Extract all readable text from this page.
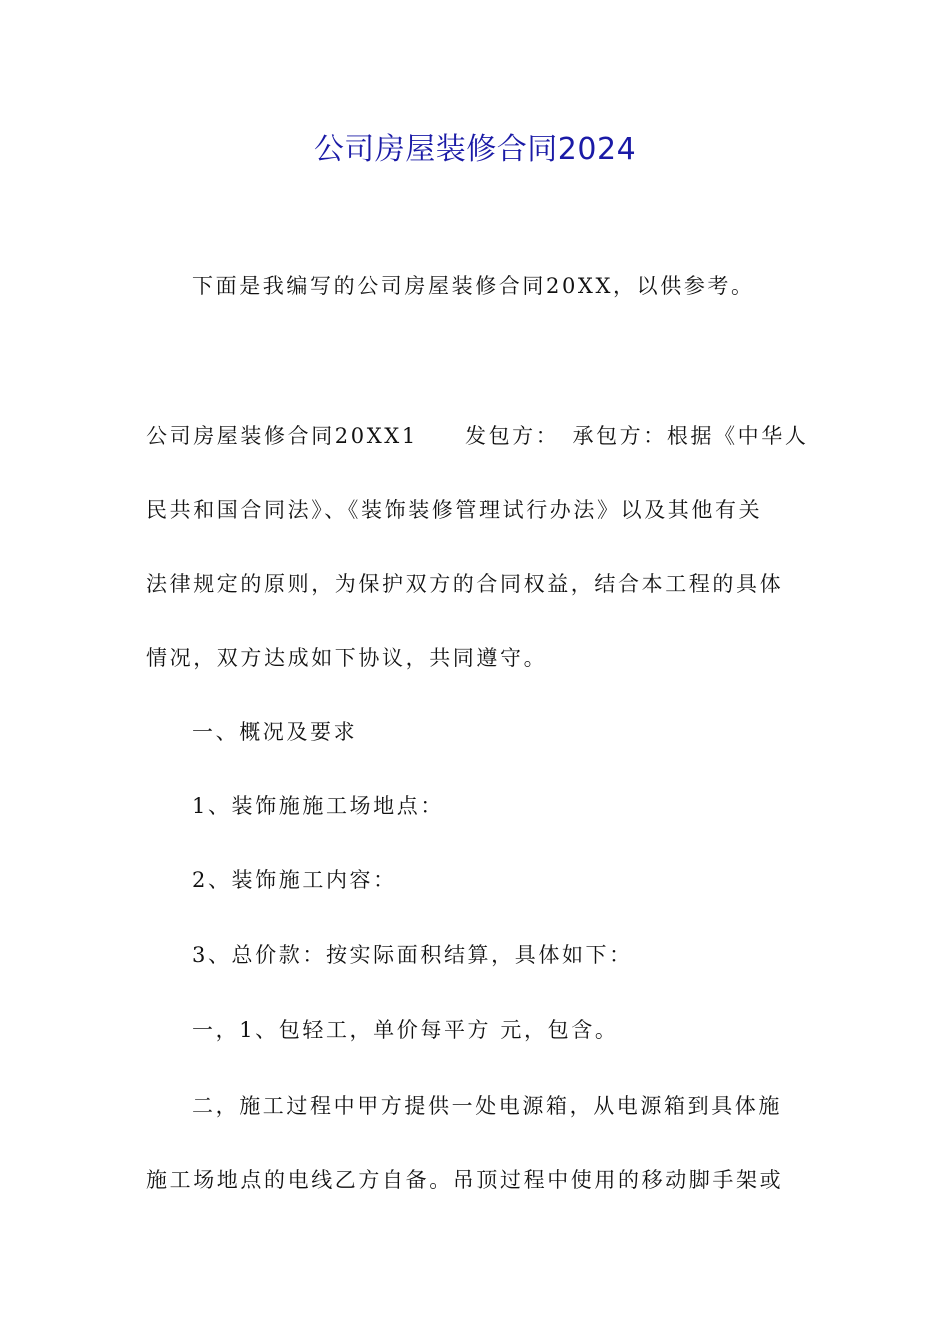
公司房屋装修合同2024
下面是我编写的公司房屋装修合同20XX，以供参考。
公司房屋装修合同20XX1　　发包方：　承包方：根据《中华人
民共和国合同法》、《装饰装修管理试行办法》以及其他有关
法律规定的原则，为保护双方的合同权益，结合本工程的具体
情况，双方达成如下协议，共同遵守。
一、概况及要求
1、装饰施施工场地点：
2、装饰施工内容：
3、总价款：按实际面积结算，具体如下：
一，1、包轻工，单价每平方 元，包含。
二，施工过程中甲方提供一处电源箱，从电源箱到具体施
施工场地点的电线乙方自备。吊顶过程中使用的移动脚手架或
